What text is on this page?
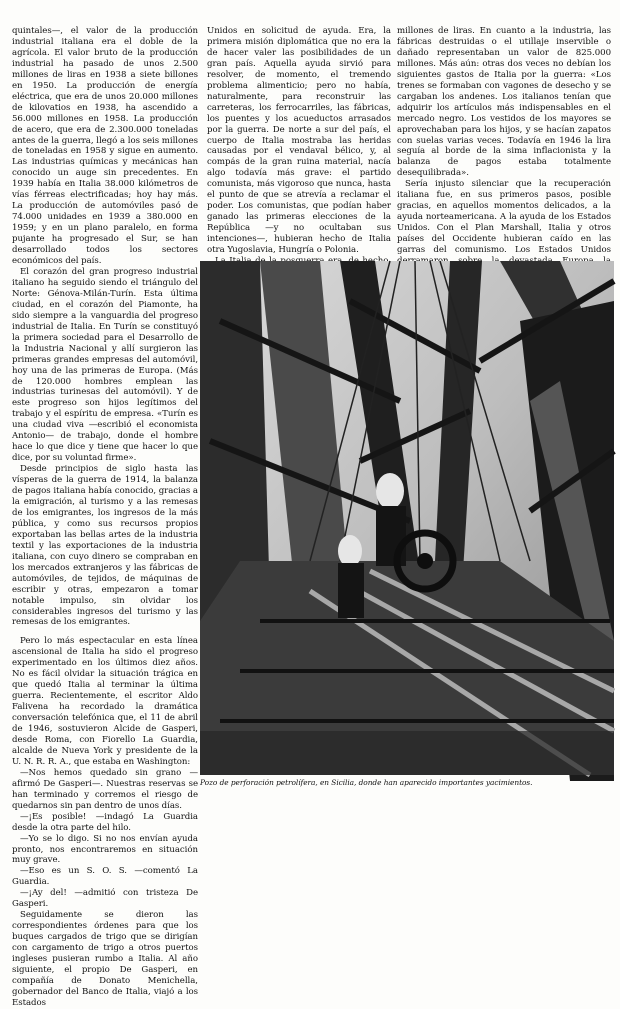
quintales—, el valor de la producción industrial italiana era el doble de la agrícola. El valor bruto de la producción industrial ha pasado de unos 2.500 millones de liras en 1938 a siete billones en 1950. La producción de energía eléctrica, que era de unos 20.000 millones de kilovatios en 1938, ha ascendido a 56.000 millones en 1958. La producción de acero, que era de 2.300.000 toneladas antes de la guerra, llegó a los seis millones de toneladas en 1958 y sigue en aumento. Las industrias químicas y mecánicas han conocido un auge sin precedentes. En 1939 había en Italia 38.000 kilómetros de vías férreas electrificadas; hoy hay más. La producción de automóviles pasó de 74.000 unidades en 1939 a 380.000 en 1959; y en un plano paralelo, en forma pujante ha progresado el Sur, se han desarrollado todos los sectores económicos del país.

El corazón del gran progreso industrial italiano ha seguido siendo el triángulo del Norte: Génova-Milán-Turín. Esta última ciudad, en el corazón del Piamonte, ha sido siempre a la vanguardia del progreso industrial de Italia. En Turín se constituyó la primera sociedad para el Desarrollo de la Industria Nacional y allí surgieron las primeras grandes empresas del automóvil, hoy una de las primeras de Europa. (Más de 120.000 hombres emplean las industrias turinesas del automóvil). Y de este progreso son hijos legítimos del trabajo y el espíritu de empresa. «Turín es una ciudad viva —escribió el economista Antonio— de trabajo, donde el hombre hace lo que dice y tiene que hacer lo que dice, por su voluntad firme».

Desde principios de siglo hasta las vísperas de la guerra de 1914, la balanza de pagos italiana había conocido, gracias a la emigración, al turismo y a las remesas de los emigrantes, los ingresos de la más pública, y como sus recursos propios exportaban las bellas artes de la industria textil y las exportaciones de la industria italiana, con cuyo dinero se compraban en los mercados extranjeros y las fábricas de automóviles, de tejidos, de máquinas de escribir y otras, empezaron a tomar notable impulso, sin olvidar los considerables ingresos del turismo y las remesas de los emigrantes.

Pero lo más espectacular en esta línea ascensional de Italia ha sido el progreso experimentado en los últimos diez años. No es fácil olvidar la situación trágica en que quedó Italia al terminar la última guerra. Recientemente, el escritor Aldo Falivena ha recordado la dramática conversación telefónica que, el 11 de abril de 1946, sostuvieron Alcide de Gasperi, desde Roma, con Fiorello La Guardia, alcalde de Nueva York y presidente de la U. N. R. R. A., que estaba en Washington:

—Nos hemos quedado sin grano —afirmó De Gasperi—. Nuestras reservas se han terminado y corremos el riesgo de quedarnos sin pan dentro de unos días.

—¡Es posible! —indagó La Guardia desde la otra parte del hilo.

—Yo se lo digo. Si no nos envían ayuda pronto, nos encontraremos en situación muy grave.

—Eso es un S. O. S. —comentó La Guardia.

—¡Ay del! —admitió con tristeza De Gasperi.

Seguidamente se dieron las correspondientes órdenes para que los buques cargados de trigo que se dirigían con cargamento de trigo a otros puertos ingleses pusieran rumbo a Italia. Al año siguiente, el propio De Gasperi, en compañía de Donato Menichella, gobernador del Banco de Italia, viajó a los Estados

Unidos en solicitud de ayuda. Era, la primera misión diplomática que no era la de hacer valer las posibilidades de un gran país. Aquella ayuda sirvió para resolver, de momento, el tremendo problema alimenticio; pero no había, naturalmente, para reconstruir las carreteras, los ferrocarriles, las fábricas, los puentes y los acueductos arrasados por la guerra. De norte a sur del país, el cuerpo de Italia mostraba las heridas causadas por el vendaval bélico, y, al compás de la gran ruina material, nacía algo todavía más grave: el partido comunista, más vigoroso que nunca, hasta el punto de que se atrevía a reclamar el poder. Los comunistas, que podían haber ganado las primeras elecciones de la República —y no ocultaban sus intenciones—, hubieran hecho de Italia otra Yugoslavia, Hungría o Polonia.

millones de liras. En cuanto a la industria, las fábricas destruidas o el utillaje inservible o dañado representaban un valor de 825.000 millones. Más aún: otras dos veces no debían los siguientes gastos de Italia por la guerra: «Los trenes se formaban con vagones de desecho y se cargaban los andenes. Los italianos tenían que adquirir los artículos más indispensables en el mercado negro. Los vestidos de los mayores se aprovechaban para los hijos, y se hacían zapatos con suelas varias veces. Todavía en 1946 la lira seguía al borde de la sima inflacionista y la balanza de pagos estaba totalmente desequilibrada».

Sería injusto silenciar que la recuperación italiana fue, en sus primeros pasos, posible gracias, en aquellos momentos delicados, a la ayuda norteamericana. A la ayuda de los Estados Unidos. Con el Plan Marshall, Italia y otros países del Occidente hubieran caído en las garras del comunismo. Los Estados Unidos

Pozo de perforación petrolífera, en Sicilia, donde han aparecido importantes yacimientos.
